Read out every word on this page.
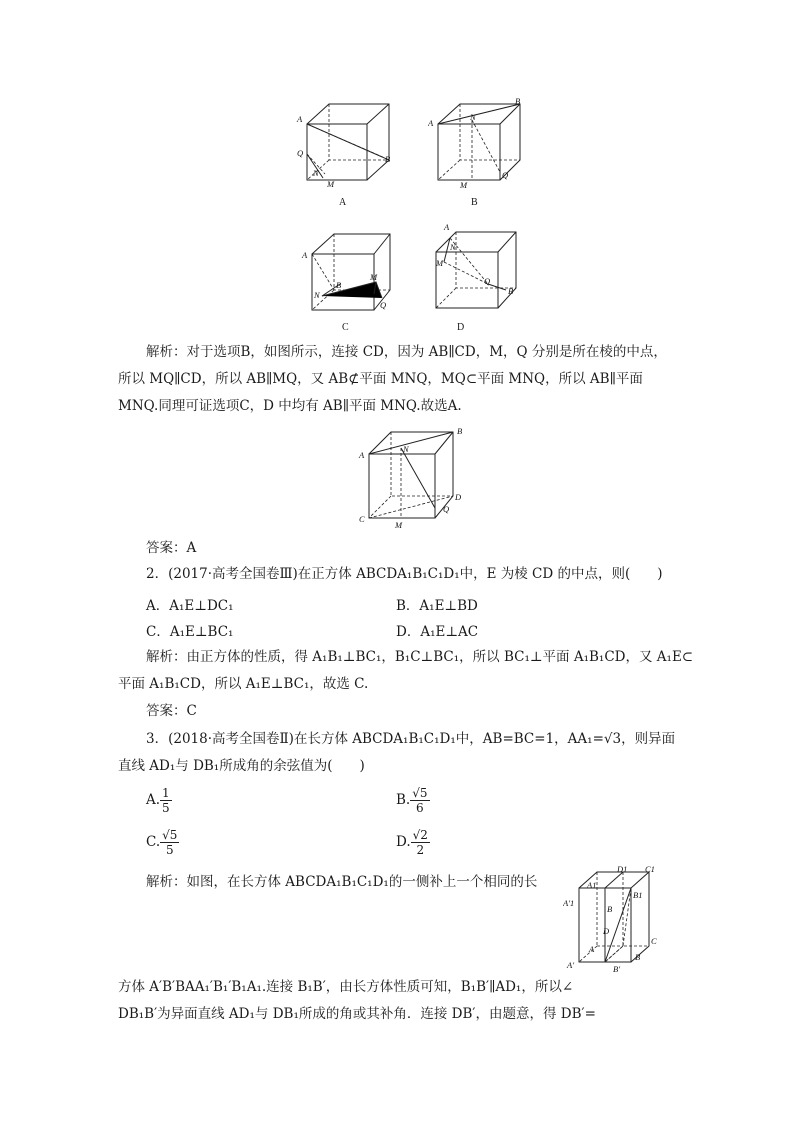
A
Q
N
M
B
A
B
A
N
M
Q
B
A
M
B
N
Q
C
A
N
M
Q
B
D
解析：对于选项B，如图所示，连接 CD，因为 AB∥CD，M，Q 分别是所在棱的中点，
所以 MQ∥CD，所以 AB∥MQ，又 AB⊄平面 MNQ，MQ⊂平面 MNQ，所以 AB∥平面
MNQ.同理可证选项C，D 中均有 AB∥平面 MNQ.故选A.
B
A
N
D
C
M
Q
答案：A
2．(2017·高考全国卷Ⅲ)在正方体 ABCDA₁B₁C₁D₁中，E 为棱 CD 的中点，则(　　)
A．A₁E⊥DC₁	B．A₁E⊥BD
C．A₁E⊥BC₁	D．A₁E⊥AC
解析：由正方体的性质，得 A₁B₁⊥BC₁，B₁C⊥BC₁，所以 BC₁⊥平面 A₁B₁CD，又 A₁E⊂
平面 A₁B₁CD，所以 A₁E⊥BC₁，故选 C.
答案：C
3．(2018·高考全国卷Ⅱ)在长方体 ABCDA₁B₁C₁D₁中，AB=BC=1，AA₁=√3，则异面
直线 AD₁与 DB₁所成角的余弦值为(　　)
A. $\frac{1}{5}$	B. $\frac{√5}{6}$
C. $\frac{√5}{5}$	D. $\frac{√2}{2}$
解析：如图，在长方体 ABCDA₁B₁C₁D₁的一侧补上一个相同的长
D1 C1
A1
B1
A'1
B
D
C
A'
A
B
B'
方体 A′B′BAA₁′B₁′B₁A₁.连接 B₁B′，由长方体性质可知，B₁B′∥AD₁，所以∠
DB₁B′为异面直线 AD₁与 DB₁所成的角或其补角．连接 DB′，由题意，得 DB′=
